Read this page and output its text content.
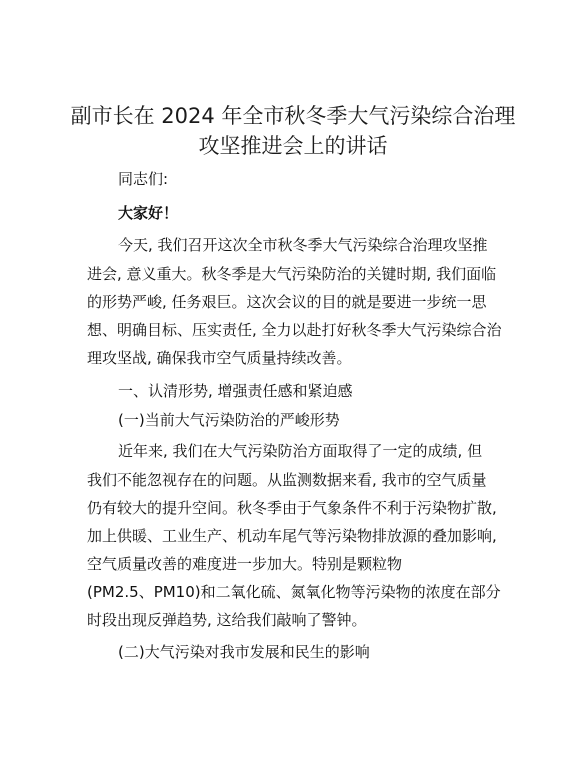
副市长在 2024 年全市秋冬季大气污染综合治理
攻坚推进会上的讲话
同志们:
大家好！
今天, 我们召开这次全市秋冬季大气污染综合治理攻坚推
进会, 意义重大。秋冬季是大气污染防治的关键时期, 我们面临
的形势严峻, 任务艰巨。这次会议的目的就是要进一步统一思
想、明确目标、压实责任, 全力以赴打好秋冬季大气污染综合治
理攻坚战, 确保我市空气质量持续改善。
一、认清形势, 增强责任感和紧迫感
(一)当前大气污染防治的严峻形势
近年来, 我们在大气污染防治方面取得了一定的成绩, 但
我们不能忽视存在的问题。从监测数据来看, 我市的空气质量
仍有较大的提升空间。秋冬季由于气象条件不利于污染物扩散,
加上供暖、工业生产、机动车尾气等污染物排放源的叠加影响,
空气质量改善的难度进一步加大。特别是颗粒物
(PM2.5、PM10)和二氧化硫、氮氧化物等污染物的浓度在部分
时段出现反弹趋势, 这给我们敲响了警钟。
(二)大气污染对我市发展和民生的影响
